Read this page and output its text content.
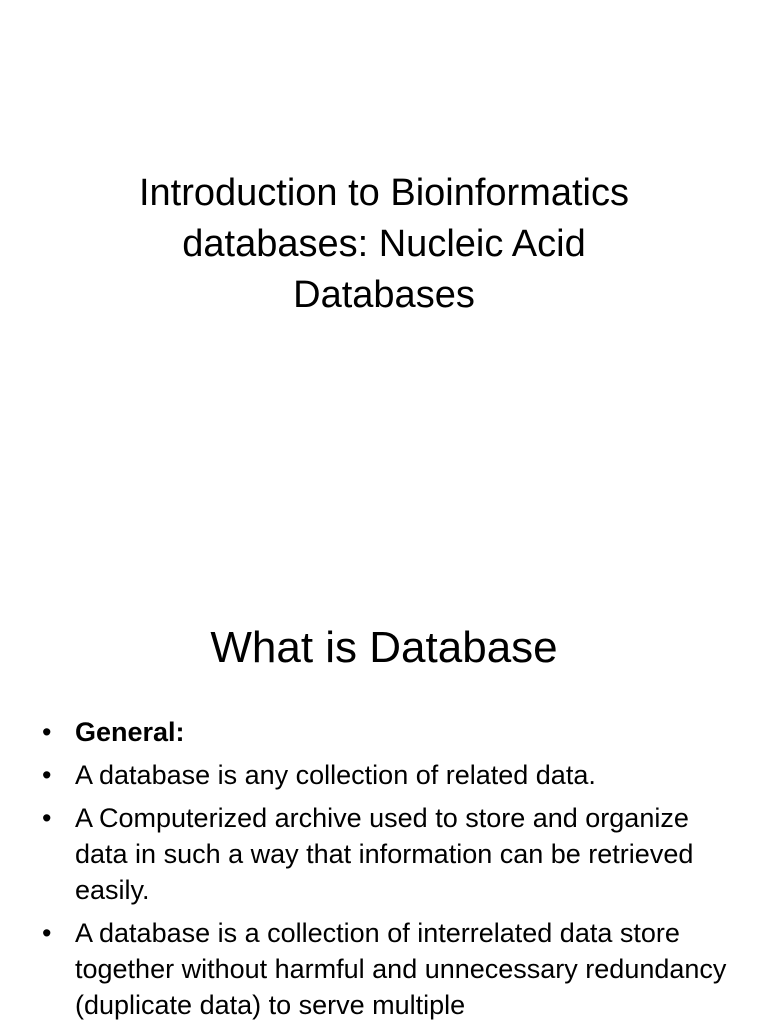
Introduction to Bioinformatics
databases: Nucleic Acid
Databases
What is Database
• General:
• A database is any collection of related data.
• A Computerized archive used to store and organize data in such a way that information can be retrieved easily.
• A database is a collection of interrelated data store together without harmful and unnecessary redundancy (duplicate data) to serve multiple
